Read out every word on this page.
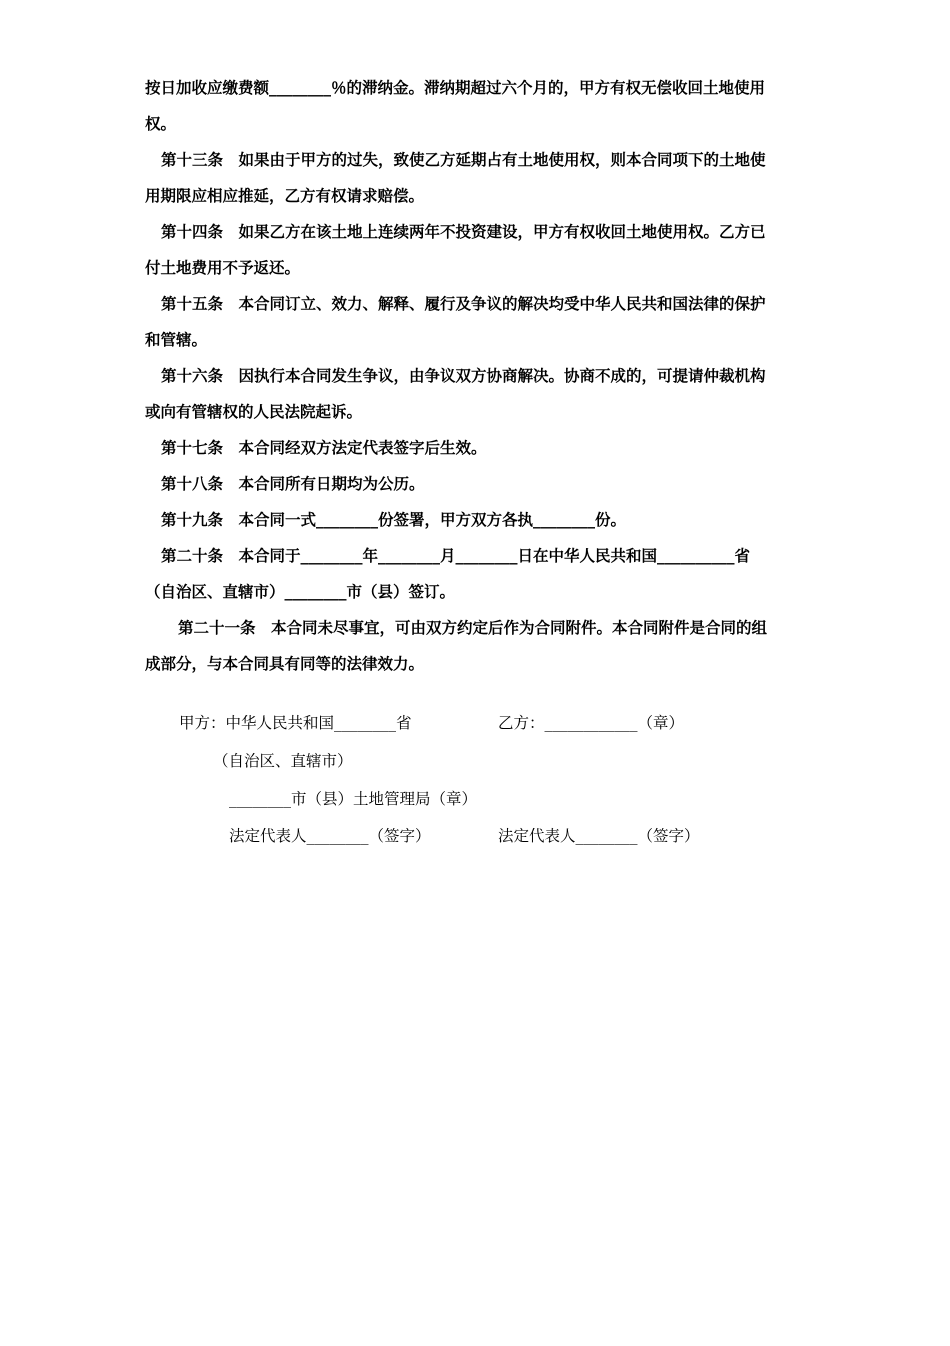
按日加收应缴费额________％的滞纳金。滞纳期超过六个月的，甲方有权无偿收回土地使用
权。
第十三条　如果由于甲方的过失，致使乙方延期占有土地使用权，则本合同项下的土地使
用期限应相应推延，乙方有权请求赔偿。
第十四条　如果乙方在该土地上连续两年不投资建设，甲方有权收回土地使用权。乙方已
付土地费用不予返还。
第十五条　本合同订立、效力、解释、履行及争议的解决均受中华人民共和国法律的保护
和管辖。
第十六条　因执行本合同发生争议，由争议双方协商解决。协商不成的，可提请仲裁机构
或向有管辖权的人民法院起诉。
第十七条　本合同经双方法定代表签字后生效。
第十八条　本合同所有日期均为公历。
第十九条　本合同一式________份签署，甲方双方各执________份。
第二十条　本合同于________年________月________日在中华人民共和国__________省
（自治区、直辖市）________市（县）签订。
第二十一条　本合同未尽事宜，可由双方约定后作为合同附件。本合同附件是合同的组
成部分，与本合同具有同等的法律效力。
甲方：中华人民共和国________省	乙方：____________（章）
（自治区、直辖市）
________市（县）土地管理局（章）
法定代表人________（签字）	法定代表人________（签字）
